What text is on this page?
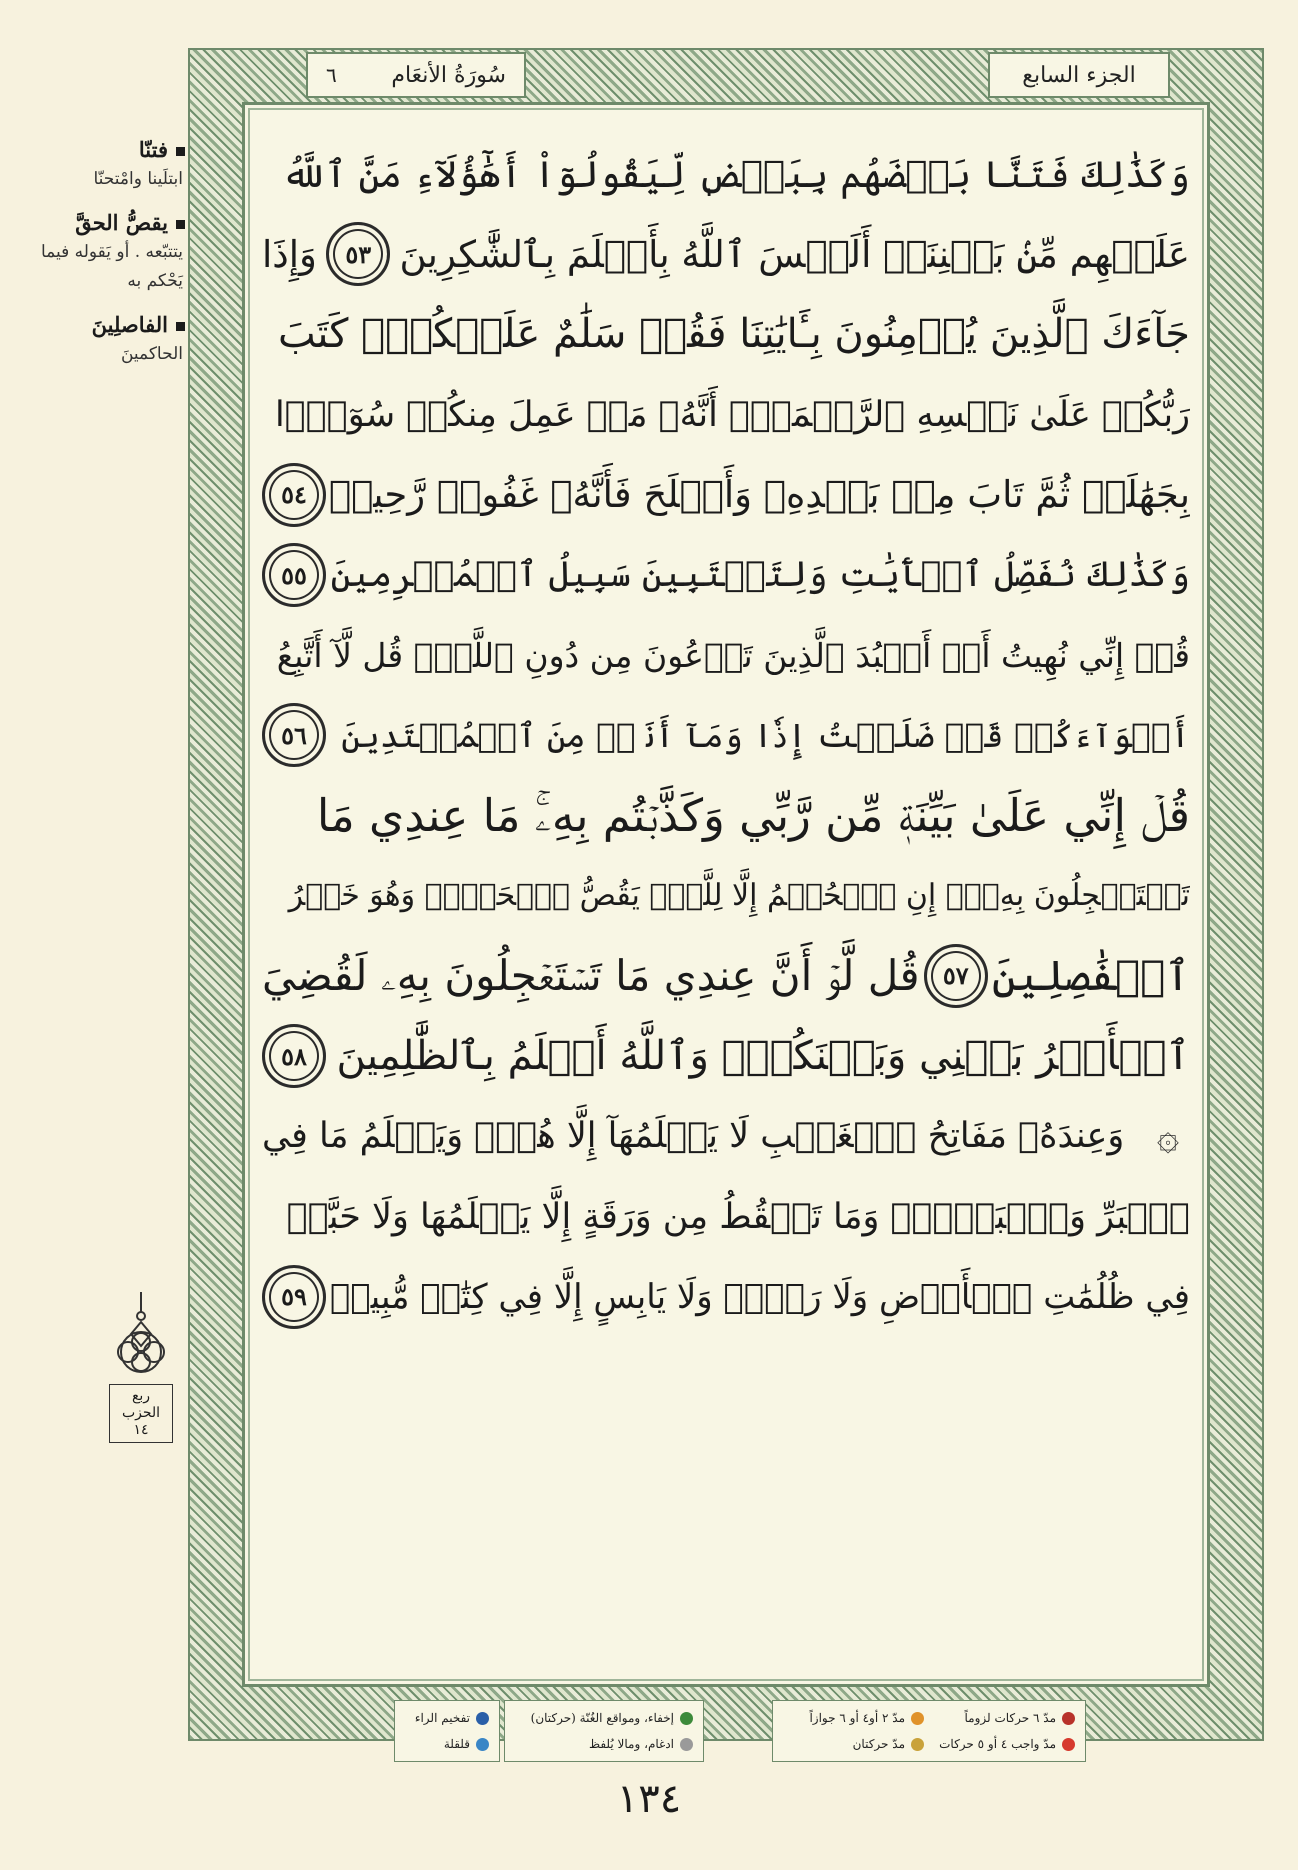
فتنّا
ابتلَينا وامْتحنّا
يقصُّ الحقَّ
يتتبّعه . أو يَقوله فيما يَحْكم به
الفاصلِينَ
الحاكمينَ
ربع
الحزب
١٤
سُورَةُ الأنعَام
٦	الجزء السابع
وَكَذَٰلِكَ فَتَنَّا بَعۡضَهُم بِبَعۡضٖ لِّيَقُولُوٓاْ أَهَٰٓؤُلَآءِ مَنَّ ٱللَّهُ
عَلَيۡهِم مِّنۢ بَيۡنِنَآۗ أَلَيۡسَ ٱللَّهُ بِأَعۡلَمَ بِٱلشَّٰكِرِينَ
٥٣
وَإِذَا
جَآءَكَ ٱلَّذِينَ يُؤۡمِنُونَ بِـَٔايَٰتِنَا فَقُلۡ سَلَٰمٌ عَلَيۡكُمۡۖ كَتَبَ
رَبُّكُمۡ عَلَىٰ نَفۡسِهِ ٱلرَّحۡمَةَۖ أَنَّهُۥ مَنۡ عَمِلَ مِنكُمۡ سُوٓءَۢا
بِجَهَٰلَةٖ ثُمَّ تَابَ مِنۢ بَعۡدِهِۦ وَأَصۡلَحَ فَأَنَّهُۥ غَفُورٞ رَّحِيمٞ
٥٤
وَكَذَٰلِكَ نُفَصِّلُ ٱلۡأٓيَٰتِ وَلِتَسۡتَبِينَ سَبِيلُ ٱلۡمُجۡرِمِينَ
٥٥
قُلۡ إِنِّي نُهِيتُ أَنۡ أَعۡبُدَ ٱلَّذِينَ تَدۡعُونَ مِن دُونِ ٱللَّهِۚ قُل لَّآ أَتَّبِعُ
أَهۡوَآءَكُمۡ قَدۡ ضَلَلۡتُ إِذٗا وَمَآ أَنَا۠ مِنَ ٱلۡمُهۡتَدِينَ
٥٦
قُلۡ إِنِّي عَلَىٰ بَيِّنَةٖ مِّن رَّبِّي وَكَذَّبۡتُم بِهِۦۚ مَا عِندِي مَا
تَسۡتَعۡجِلُونَ بِهِۦٓۚ إِنِ ٱلۡحُكۡمُ إِلَّا لِلَّهِۖ يَقُصُّ ٱلۡحَقَّۖ وَهُوَ خَيۡرُ
ٱلۡفَٰصِلِينَ
٥٧
قُل لَّوۡ أَنَّ عِندِي مَا تَسۡتَعۡجِلُونَ بِهِۦ لَقُضِيَ
ٱلۡأَمۡرُ بَيۡنِي وَبَيۡنَكُمۡۗ وَٱللَّهُ أَعۡلَمُ بِٱلظَّٰلِمِينَ
٥٨
۞
وَعِندَهُۥ مَفَاتِحُ ٱلۡغَيۡبِ لَا يَعۡلَمُهَآ إِلَّا هُوَۚ وَيَعۡلَمُ مَا فِي
ٱلۡبَرِّ وَٱلۡبَحۡرِۚ وَمَا تَسۡقُطُ مِن وَرَقَةٍ إِلَّا يَعۡلَمُهَا وَلَا حَبَّةٖ
فِي ظُلُمَٰتِ ٱلۡأَرۡضِ وَلَا رَطۡبٖ وَلَا يَابِسٍ إِلَّا فِي كِتَٰبٖ مُّبِينٖ
٥٩
مدّ ٦ حركات لزوماً
مدّ ٢ أو٤ أو ٦ جوازاً
مدّ واجب ٤ أو ٥ حركات
مدّ حركتان
إخفاء، ومواقع الغُنّة (حركتان)
ادغام، ومالا يُلفظ
تفخيم الراء
قلقلة
١٣٤
